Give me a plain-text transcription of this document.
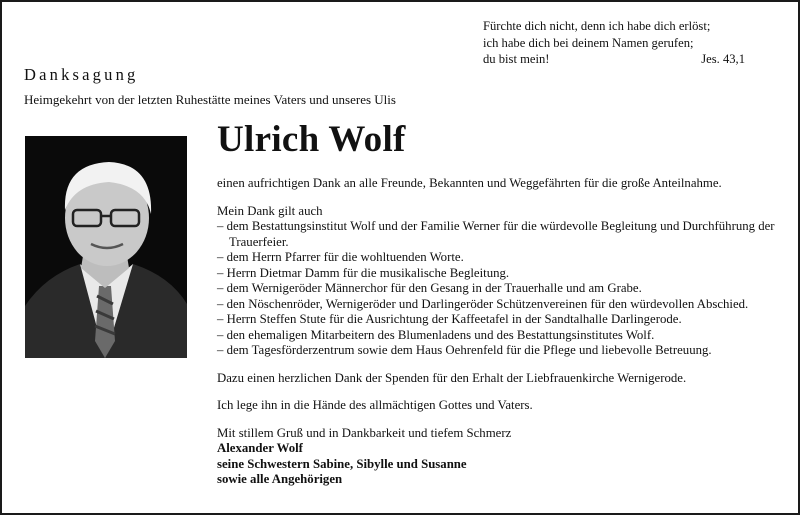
Fürchte dich nicht, denn ich habe dich erlöst;
ich habe dich bei deinem Namen gerufen;
du bist mein!	Jes. 43,1
Danksagung
Heimgekehrt von der letzten Ruhestätte meines Vaters und unseres Ulis
Ulrich Wolf

einen aufrichtigen Dank an alle Freunde, Bekannten und Weggefährten für die große Anteilnahme.

Mein Dank gilt auch

– dem Bestattungsinstitut Wolf und der Familie Werner für die würdevolle Begleitung und Durchführung der Trauerfeier.
– dem Herrn Pfarrer für die wohltuenden Worte.
– Herrn Dietmar Damm für die musikalische Begleitung.
– dem Wernigeröder Männerchor für den Gesang in der Trauerhalle und am Grabe.
– den Nöschenröder, Wernigeröder und Darlingeröder Schützenvereinen für den würdevollen Abschied.
– Herrn Steffen Stute für die Ausrichtung der Kaffeetafel in der Sandtalhalle Darlingerode.
– den ehemaligen Mitarbeitern des Blumenladens und des Bestattungsinstitutes Wolf.
– dem Tagesförderzentrum sowie dem Haus Oehrenfeld für die Pflege und liebevolle Betreuung.

Dazu einen herzlichen Dank der Spenden für den Erhalt der Liebfrauenkirche Wernigerode.

Ich lege ihn in die Hände des allmächtigen Gottes und Vaters.

Mit stillem Gruß und in Dankbarkeit und tiefem Schmerz

Alexander Wolf

seine Schwestern Sabine, Sibylle und Susanne

sowie alle Angehörigen
